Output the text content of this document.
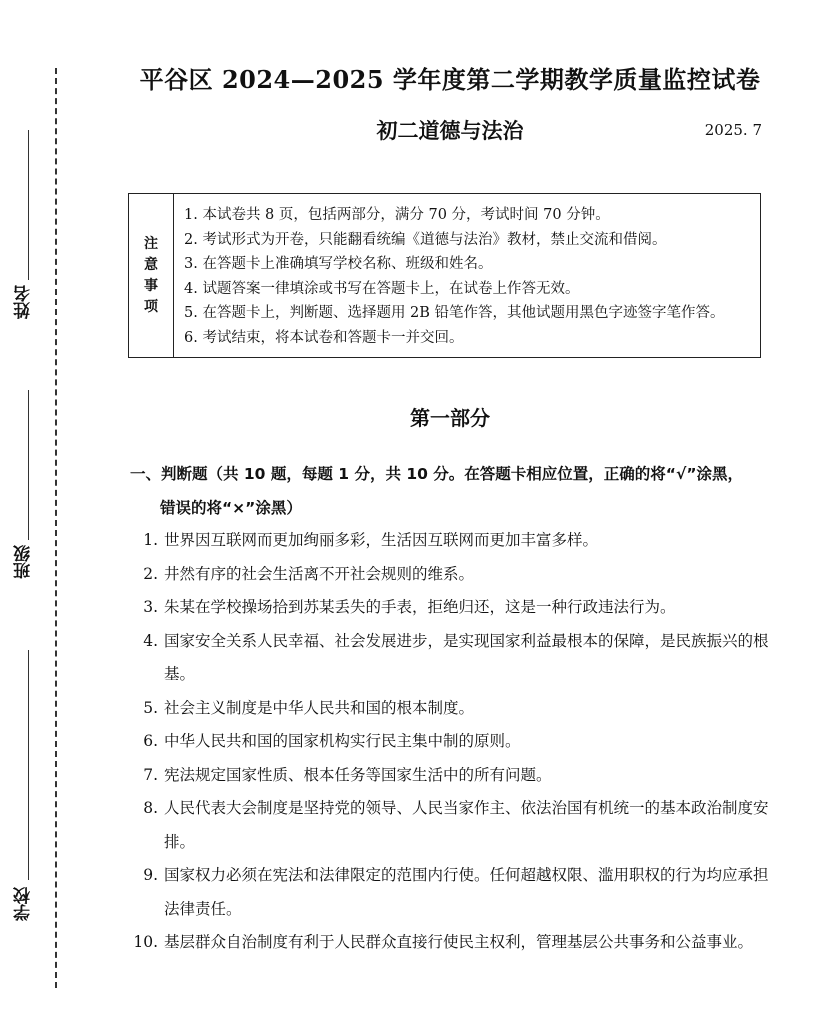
姓名
班级
学校
平谷区 2024—2025 学年度第二学期教学质量监控试卷
初二道德与法治	2025. 7
注
意
事
项
1. 本试卷共 8 页，包括两部分，满分 70 分，考试时间 70 分钟。
2. 考试形式为开卷，只能翻看统编《道德与法治》教材，禁止交流和借阅。
3. 在答题卡上准确填写学校名称、班级和姓名。
4. 试题答案一律填涂或书写在答题卡上，在试卷上作答无效。
5. 在答题卡上，判断题、选择题用 2B 铅笔作答，其他试题用黑色字迹签字笔作答。
6. 考试结束，将本试卷和答题卡一并交回。
第一部分
一、判断题（共 10 题，每题 1 分，共 10 分。在答题卡相应位置，正确的将“√”涂黑，
错误的将“×”涂黑）
1. 世界因互联网而更加绚丽多彩，生活因互联网而更加丰富多样。
2. 井然有序的社会生活离不开社会规则的维系。
3. 朱某在学校操场拾到苏某丢失的手表，拒绝归还，这是一种行政违法行为。
4. 国家安全关系人民幸福、社会发展进步，是实现国家利益最根本的保障，是民族振兴的根基。
5. 社会主义制度是中华人民共和国的根本制度。
6. 中华人民共和国的国家机构实行民主集中制的原则。
7. 宪法规定国家性质、根本任务等国家生活中的所有问题。
8. 人民代表大会制度是坚持党的领导、人民当家作主、依法治国有机统一的基本政治制度安排。
9. 国家权力必须在宪法和法律限定的范围内行使。任何超越权限、滥用职权的行为均应承担法律责任。
10. 基层群众自治制度有利于人民群众直接行使民主权利，管理基层公共事务和公益事业。
